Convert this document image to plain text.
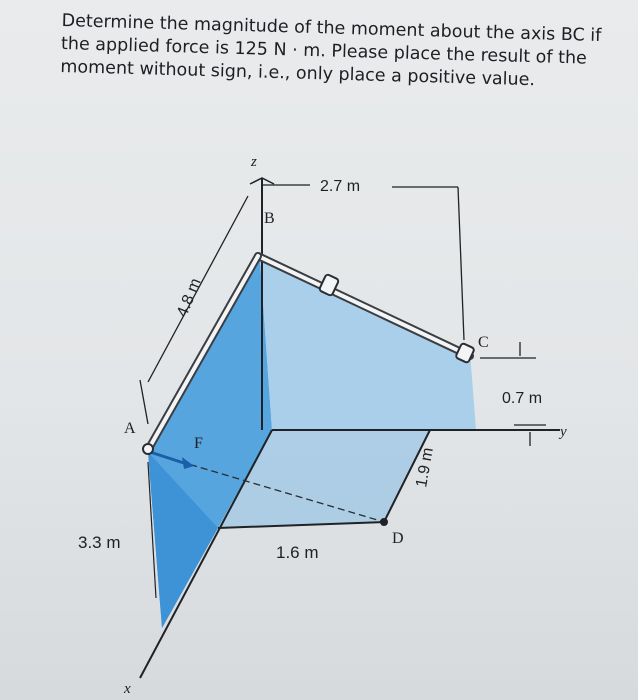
Determine the magnitude of the moment about the axis BC if the applied force is 125 N · m. Please place the result of the moment without sign, i.e., only place a positive value.

z
2.7 m
B
4.8 m
C
0.7 m
y
A
F
1.9 m
D
3.3 m
1.6 m
x
